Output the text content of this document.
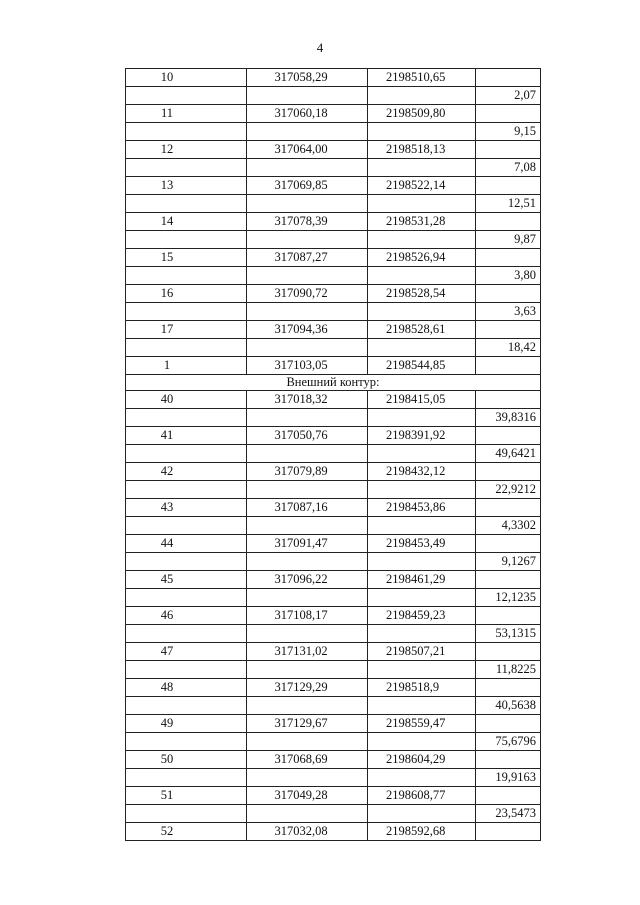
4
10	317058,29	2198510,65	
			2,07
11	317060,18	2198509,80	
			9,15
12	317064,00	2198518,13	
			7,08
13	317069,85	2198522,14	
			12,51
14	317078,39	2198531,28	
			9,87
15	317087,27	2198526,94	
			3,80
16	317090,72	2198528,54	
			3,63
17	317094,36	2198528,61	
			18,42
1	317103,05	2198544,85	
Внешний контур:			
40	317018,32	2198415,05	
			39,8316
41	317050,76	2198391,92	
			49,6421
42	317079,89	2198432,12	
			22,9212
43	317087,16	2198453,86	
			4,3302
44	317091,47	2198453,49	
			9,1267
45	317096,22	2198461,29	
			12,1235
46	317108,17	2198459,23	
			53,1315
47	317131,02	2198507,21	
			11,8225
48	317129,29	2198518,9	
			40,5638
49	317129,67	2198559,47	
			75,6796
50	317068,69	2198604,29	
			19,9163
51	317049,28	2198608,77	
			23,5473
52	317032,08	2198592,68	
